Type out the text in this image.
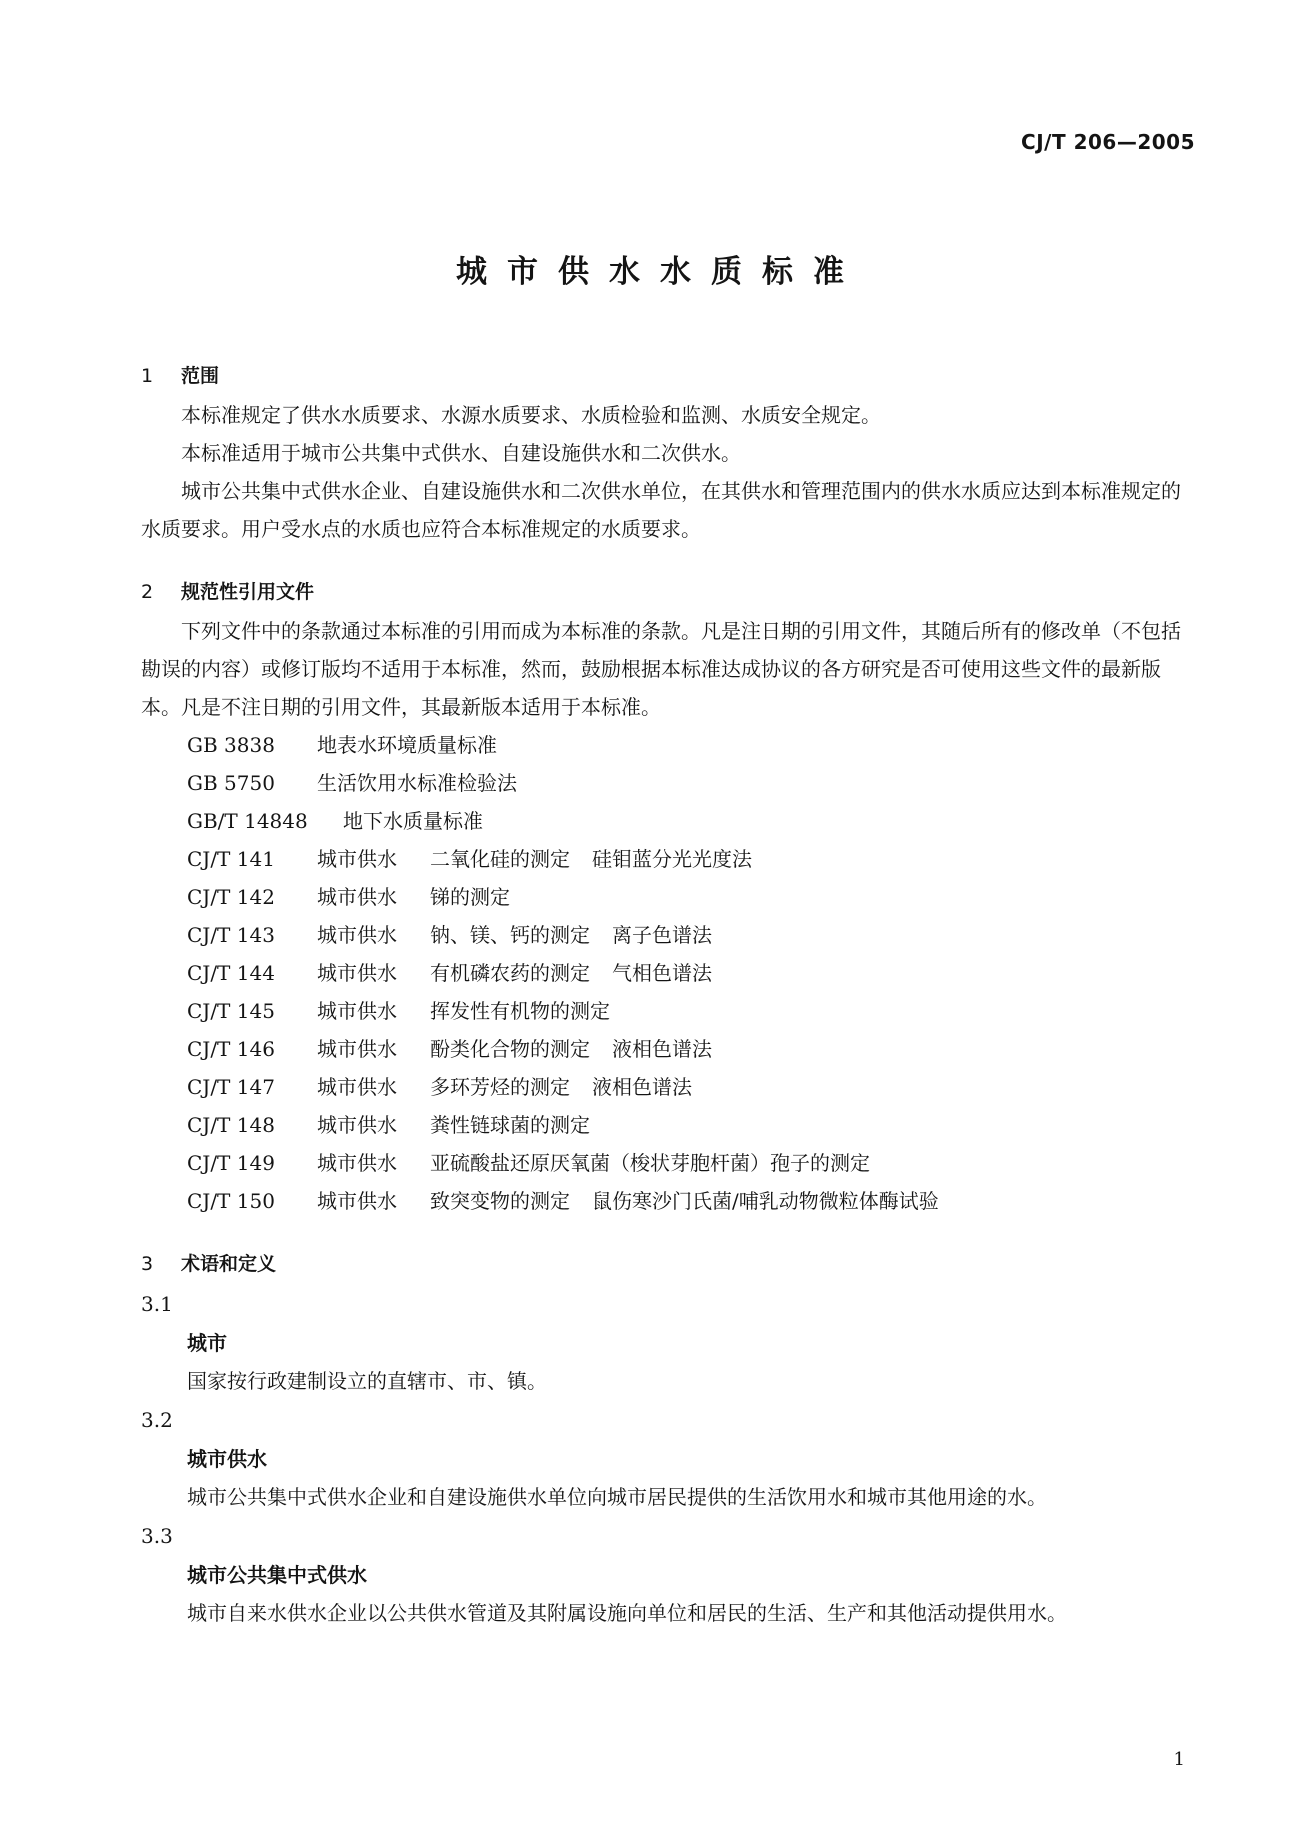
CJ/T 206—2005
城市供水水质标准
1 范围

本标准规定了供水水质要求、水源水质要求、水质检验和监测、水质安全规定。

本标准适用于城市公共集中式供水、自建设施供水和二次供水。

城市公共集中式供水企业、自建设施供水和二次供水单位，在其供水和管理范围内的供水水质应达到本标准规定的水质要求。用户受水点的水质也应符合本标准规定的水质要求。

2 规范性引用文件

下列文件中的条款通过本标准的引用而成为本标准的条款。凡是注日期的引用文件，其随后所有的修改单（不包括勘误的内容）或修订版均不适用于本标准，然而，鼓励根据本标准达成协议的各方研究是否可使用这些文件的最新版本。凡是不注日期的引用文件，其最新版本适用于本标准。

GB 3838 地表水环境质量标准
GB 5750 生活饮用水标准检验法
GB/T 14848 地下水质量标准
CJ/T 141 城市供水 二氧化硅的测定 硅钼蓝分光光度法
CJ/T 142 城市供水 锑的测定
CJ/T 143 城市供水 钠、镁、钙的测定 离子色谱法
CJ/T 144 城市供水 有机磷农药的测定 气相色谱法
CJ/T 145 城市供水 挥发性有机物的测定
CJ/T 146 城市供水 酚类化合物的测定 液相色谱法
CJ/T 147 城市供水 多环芳烃的测定 液相色谱法
CJ/T 148 城市供水 粪性链球菌的测定
CJ/T 149 城市供水 亚硫酸盐还原厌氧菌（梭状芽胞杆菌）孢子的测定
CJ/T 150 城市供水 致突变物的测定 鼠伤寒沙门氏菌/哺乳动物微粒体酶试验
3 术语和定义
3.1
城市

国家按行政建制设立的直辖市、市、镇。

3.2
城市供水

城市公共集中式供水企业和自建设施供水单位向城市居民提供的生活饮用水和城市其他用途的水。

3.3
城市公共集中式供水

城市自来水供水企业以公共供水管道及其附属设施向单位和居民的生活、生产和其他活动提供用水。

1
